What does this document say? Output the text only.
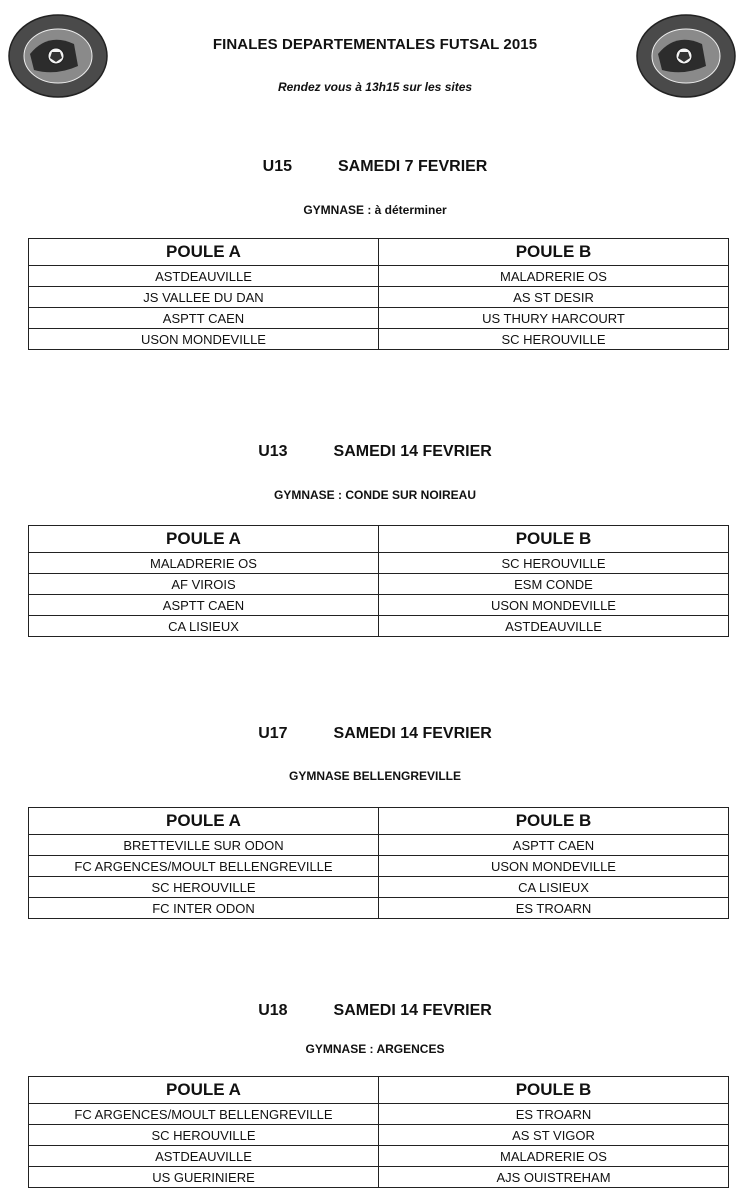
FINALES DEPARTEMENTALES FUTSAL 2015
Rendez vous à 13h15 sur les sites
U15	SAMEDI 7 FEVRIER
GYMNASE : à déterminer
POULE A	POULE B
ASTDEAUVILLE	MALADRERIE OS
JS VALLEE DU DAN	AS ST DESIR
ASPTT CAEN	US THURY HARCOURT
USON MONDEVILLE	SC HEROUVILLE
U13	SAMEDI 14 FEVRIER
GYMNASE : CONDE SUR NOIREAU
POULE A	POULE B
MALADRERIE OS	SC HEROUVILLE
AF VIROIS	ESM CONDE
ASPTT CAEN	USON MONDEVILLE
CA LISIEUX	ASTDEAUVILLE
U17	SAMEDI 14 FEVRIER
GYMNASE BELLENGREVILLE
POULE A	POULE B
BRETTEVILLE SUR ODON	ASPTT CAEN
FC ARGENCES/MOULT BELLENGREVILLE	USON MONDEVILLE
SC HEROUVILLE	CA LISIEUX
FC INTER ODON	ES TROARN
U18	SAMEDI 14 FEVRIER
GYMNASE : ARGENCES
POULE A	POULE B
FC ARGENCES/MOULT BELLENGREVILLE	ES TROARN
SC HEROUVILLE	AS ST VIGOR
ASTDEAUVILLE	MALADRERIE OS
US GUERINIERE	AJS OUISTREHAM
